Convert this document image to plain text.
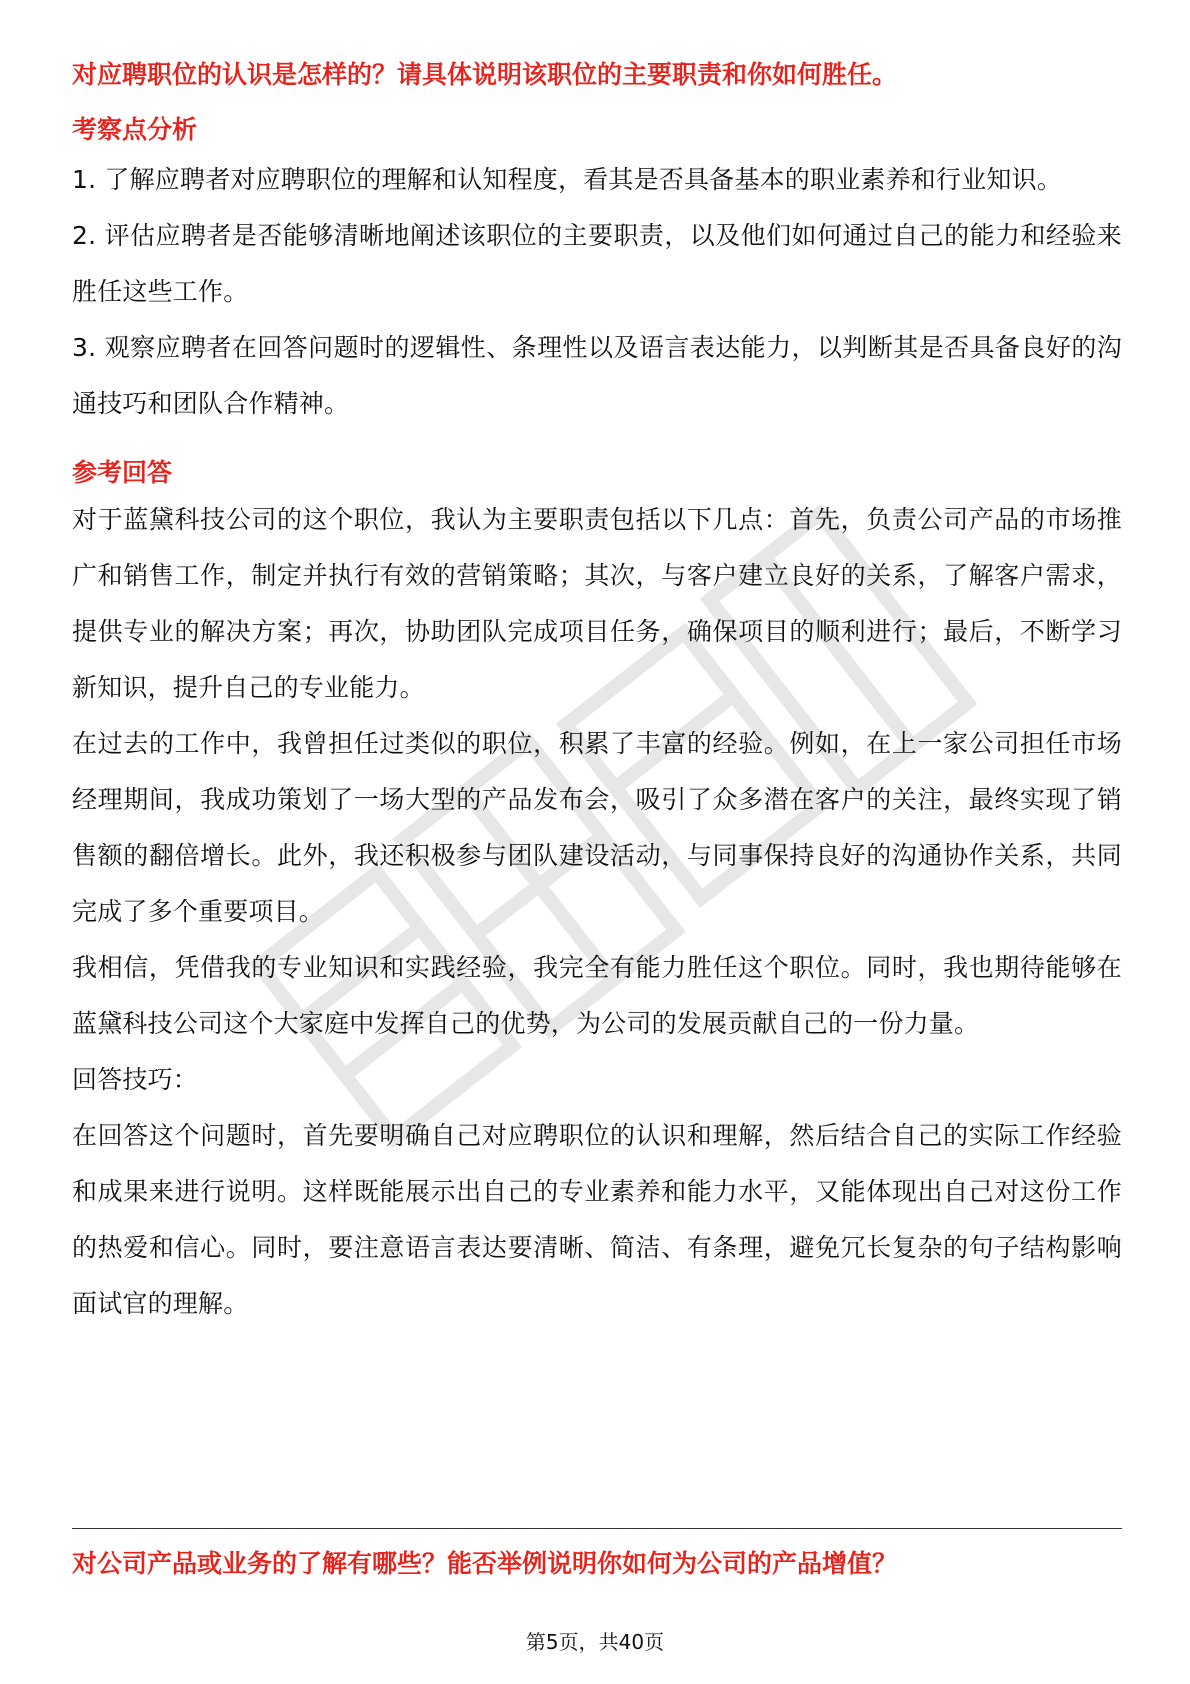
对应聘职位的认识是怎样的？请具体说明该职位的主要职责和你如何胜任。

考察点分析

1. 了解应聘者对应聘职位的理解和认知程度，看其是否具备基本的职业素养和行业知识。

2. 评估应聘者是否能够清晰地阐述该职位的主要职责，以及他们如何通过自己的能力和经验来胜任这些工作。

3. 观察应聘者在回答问题时的逻辑性、条理性以及语言表达能力，以判断其是否具备良好的沟通技巧和团队合作精神。

参考回答

对于蓝黛科技公司的这个职位，我认为主要职责包括以下几点：首先，负责公司产品的市场推广和销售工作，制定并执行有效的营销策略；其次，与客户建立良好的关系，了解客户需求，提供专业的解决方案；再次，协助团队完成项目任务，确保项目的顺利进行；最后，不断学习新知识，提升自己的专业能力。

在过去的工作中，我曾担任过类似的职位，积累了丰富的经验。例如，在上一家公司担任市场经理期间，我成功策划了一场大型的产品发布会，吸引了众多潜在客户的关注，最终实现了销售额的翻倍增长。此外，我还积极参与团队建设活动，与同事保持良好的沟通协作关系，共同完成了多个重要项目。

我相信，凭借我的专业知识和实践经验，我完全有能力胜任这个职位。同时，我也期待能够在蓝黛科技公司这个大家庭中发挥自己的优势，为公司的发展贡献自己的一份力量。

回答技巧：

在回答这个问题时，首先要明确自己对应聘职位的认识和理解，然后结合自己的实际工作经验和成果来进行说明。这样既能展示出自己的专业素养和能力水平，又能体现出自己对这份工作的热爱和信心。同时，要注意语言表达要清晰、简洁、有条理，避免冗长复杂的句子结构影响面试官的理解。

对公司产品或业务的了解有哪些？能否举例说明你如何为公司的产品增值？

第5页，共40页
